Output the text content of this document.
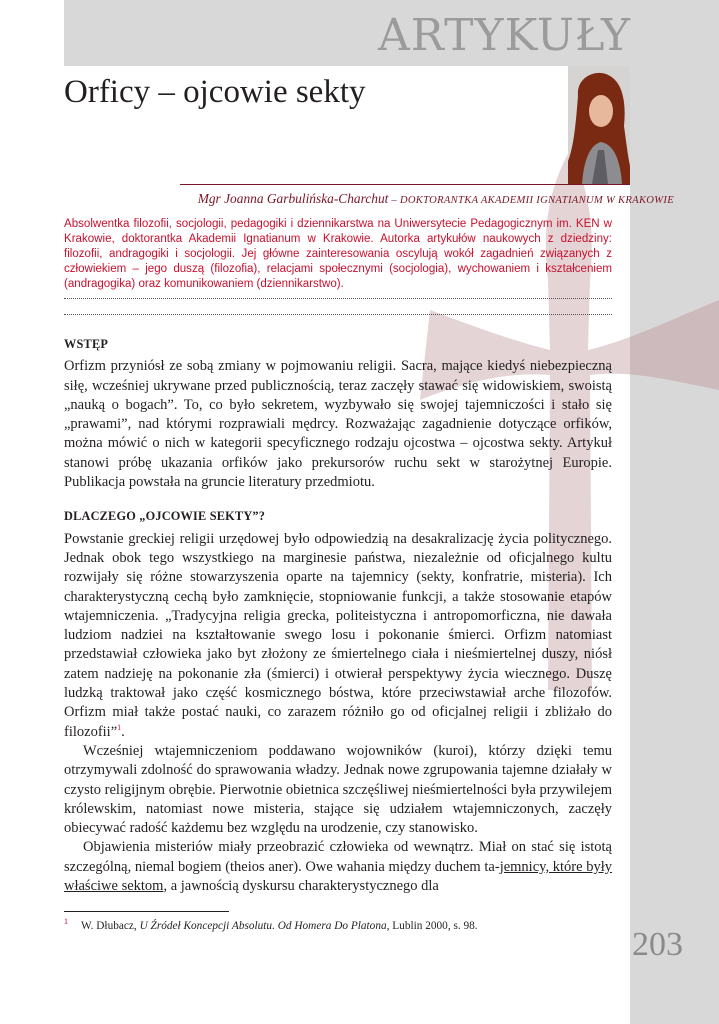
ARTYKUŁY
Orficy – ojcowie sekty
Mgr Joanna Garbulińska-Charchut – DOKTORANTKA AKADEMII IGNATIANUM W KRAKOWIE

Absolwentka filozofii, socjologii, pedagogiki i dziennikarstwa na Uniwersytecie Pedagogicznym im. KEN w Krakowie, doktorantka Akademii Ignatianum w Krakowie. Autorka artykułów naukowych z dziedziny: filozofii, andragogiki i socjologii. Jej główne zainteresowania oscylują wokół zagadnień związanych z człowiekiem – jego duszą (filozofia), relacjami społecznymi (socjologia), wychowaniem i kształceniem (andragogika) oraz komunikowaniem (dziennikarstwo).

WSTĘP

Orfizm przyniósł ze sobą zmiany w pojmowaniu religii. Sacra, mające kiedyś niebezpieczną siłę, wcześniej ukrywane przed publicznością, teraz zaczęły stawać się widowiskiem, swoistą „nauką o bogach”. To, co było sekretem, wyzbywało się swojej tajemniczości i stało się „prawami”, nad którymi rozprawiali mędrcy. Rozważając zagadnienie dotyczące orfików, można mówić o nich w kategorii specyficznego rodzaju ojcostwa – ojcostwa sekty. Artykuł stanowi próbę ukazania orfików jako prekursorów ruchu sekt w starożytnej Europie. Publikacja powstała na gruncie literatury przedmiotu.

DLACZEGO „OJCOWIE SEKTY”?

Powstanie greckiej religii urzędowej było odpowiedzią na desakralizację życia politycznego. Jednak obok tego wszystkiego na marginesie państwa, niezależnie od oficjalnego kultu rozwijały się różne stowarzyszenia oparte na tajemnicy (sekty, konfratrie, misteria). Ich charakterystyczną cechą było zamknięcie, stopniowanie funkcji, a także stosowanie etapów wtajemniczenia. „Tradycyjna religia grecka, politeistyczna i antropomorficzna, nie dawała ludziom nadziei na kształtowanie swego losu i pokonanie śmierci. Orfizm natomiast przedstawiał człowieka jako byt złożony ze śmiertelnego ciała i nieśmiertelnej duszy, niósł zatem nadzieję na pokonanie zła (śmierci) i otwierał perspektywy życia wiecznego. Duszę ludzką traktował jako część kosmicznego bóstwa, które przeciwstawiał arche filozofów. Orfizm miał także postać nauki, co zarazem różniło go od oficjalnej religii i zbliżało do filozofii”$^1$.

Wcześniej wtajemniczeniom poddawano wojowników (kuroi), którzy dzięki temu otrzymywali zdolność do sprawowania władzy. Jednak nowe zgrupowania tajemne działały w czysto religijnym obrębie. Pierwotnie obietnica szczęśliwej nieśmiertelności była przywilejem królewskim, natomiast nowe misteria, stające się udziałem wtajemniczonych, zaczęły obiecywać radość każdemu bez względu na urodzenie, czy stanowisko.

Objawienia misteriów miały przeobrazić człowieka od wewnątrz. Miał on stać się istotą szczególną, niemal bogiem (theios aner). Owe wahania między duchem ta-jemnicy, które były właściwe sektom, a jawnością dyskursu charakterystycznego dla

$^1$ W. Dłubacz, U Źródeł Koncepcji Absolutu. Od Homera Do Platona, Lublin 2000, s. 98.
203
